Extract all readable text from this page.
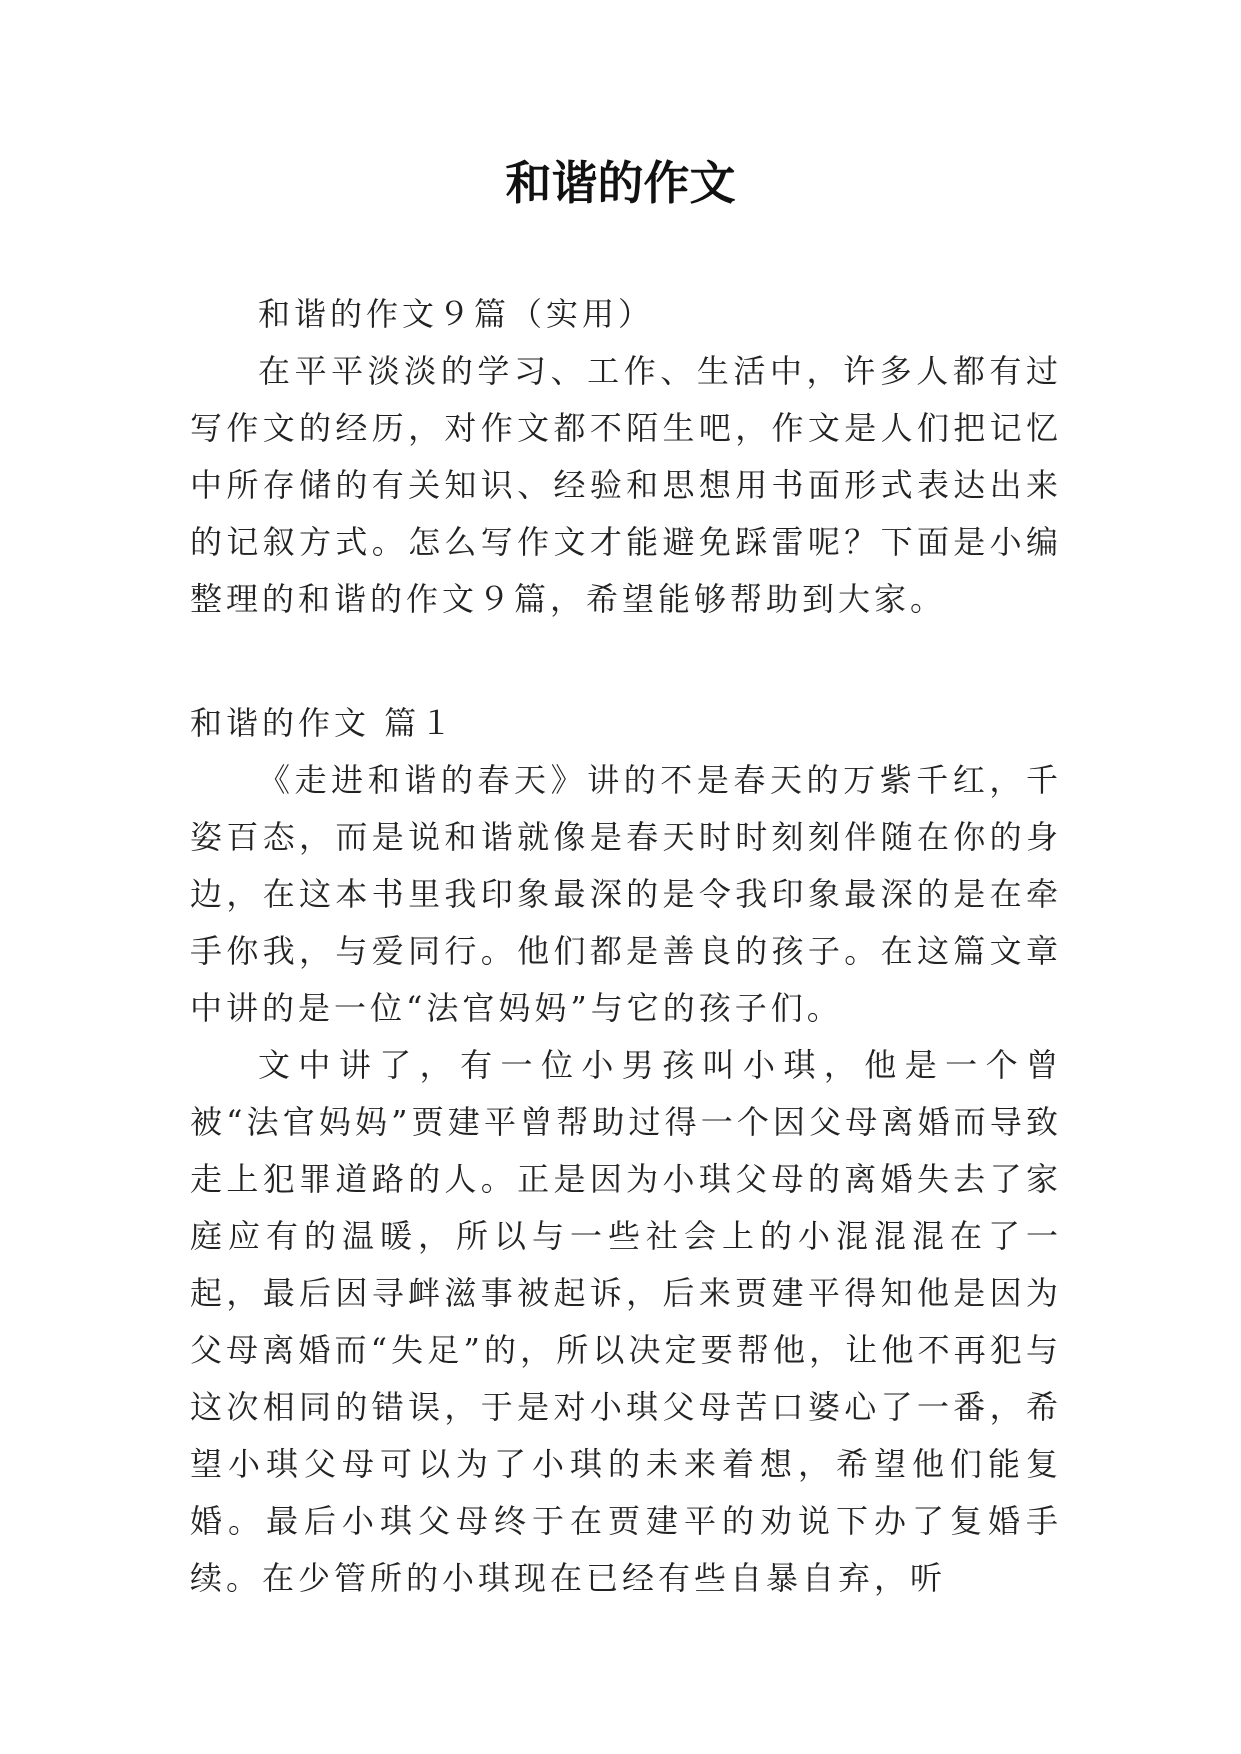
和谐的作文

和谐的作文９篇（实用）

在平平淡淡的学习、工作、生活中，许多人都有过写作文的经历，对作文都不陌生吧，作文是人们把记忆中所存储的有关知识、经验和思想用书面形式表达出来的记叙方式。怎么写作文才能避免踩雷呢？下面是小编整理的和谐的作文９篇，希望能够帮助到大家。

和谐的作文 篇１

《走进和谐的春天》讲的不是春天的万紫千红，千姿百态，而是说和谐就像是春天时时刻刻伴随在你的身边，在这本书里我印象最深的是令我印象最深的是在牵手你我，与爱同行。他们都是善良的孩子。在这篇文章中讲的是一位“法官妈妈”与它的孩子们。

文中讲了，有一位小男孩叫小琪，他是一个曾被“法官妈妈”贾建平曾帮助过得一个因父母离婚而导致走上犯罪道路的人。正是因为小琪父母的离婚失去了家庭应有的温暖，所以与一些社会上的小混混混在了一起，最后因寻衅滋事被起诉，后来贾建平得知他是因为父母离婚而“失足”的，所以决定要帮他，让他不再犯与这次相同的错误，于是对小琪父母苦口婆心了一番，希望小琪父母可以为了小琪的未来着想，希望他们能复婚。最后小琪父母终于在贾建平的劝说下办了复婚手续。在少管所的小琪现在已经有些自暴自弃，听
